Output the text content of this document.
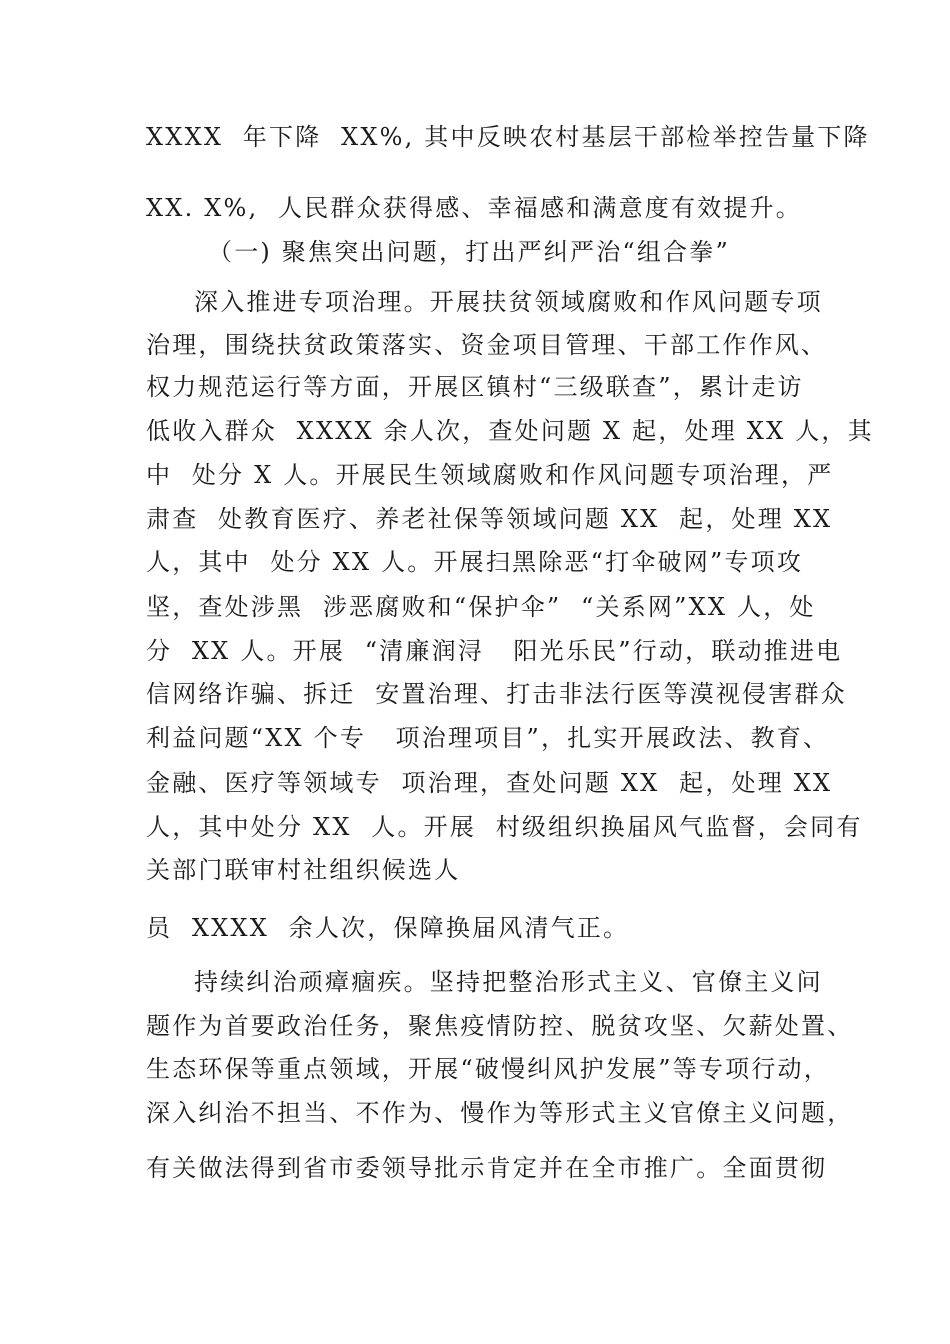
XXXX  年下降  XX%, 其中反映农村基层干部检举控告量下降
XX. X%,  人民群众获得感、幸福感和满意度有效提升。
（一) 聚焦突出问题，打出严纠严治“组合拳”
深入推进专项治理。开展扶贫领域腐败和作风问题专项
治理，围绕扶贫政策落实、资金项目管理、干部工作作风、
权力规范运行等方面，开展区镇村“三级联查”，累计走访
低收入群众  XXXX 余人次，查处问题 X 起，处理 XX 人，其
中  处分 X 人。开展民生领域腐败和作风问题专项治理，严
肃查  处教育医疗、养老社保等领域问题 XX  起，处理 XX
人，其中  处分 XX 人。开展扫黑除恶“打伞破网”专项攻
坚，查处涉黑  涉恶腐败和“保护伞”  “关系网”XX 人，处
分  XX 人。开展  “清廉润浔   阳光乐民”行动，联动推进电
信网络诈骗、拆迁  安置治理、打击非法行医等漠视侵害群众
利益问题“XX 个专   项治理项目”，扎实开展政法、教育、
金融、医疗等领域专  项治理，查处问题 XX  起，处理 XX
人，其中处分 XX  人。开展  村级组织换届风气监督，会同有
关部门联审村社组织候选人
员  XXXX  余人次，保障换届风清气正。
持续纠治顽瘴痼疾。坚持把整治形式主义、官僚主义问
题作为首要政治任务，聚焦疫情防控、脱贫攻坚、欠薪处置、
生态环保等重点领域，开展“破慢纠风护发展”等专项行动，
深入纠治不担当、不作为、慢作为等形式主义官僚主义问题，
有关做法得到省市委领导批示肯定并在全市推广。全面贯彻
